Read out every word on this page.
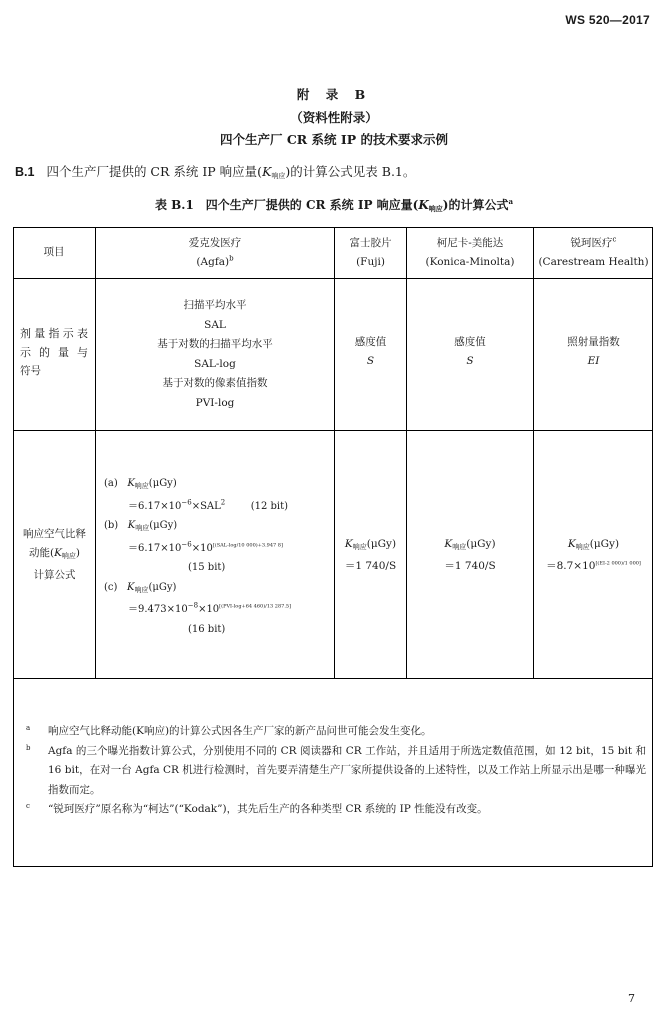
WS 520—2017
附 录 B
（资料性附录）
四个生产厂 CR 系统 IP 的技术要求示例
B.1 四个生产厂提供的 CR 系统 IP 响应量(K响应)的计算公式见表 B.1。
表 B.1　四个生产厂提供的 CR 系统 IP 响应量(K响应)的计算公式$^a$
项目
爱克发医疗
(Agfa)$^b$
富士胶片
(Fuji)
柯尼卡-美能达
(Konica-Minolta)
锐珂医疗$^c$
(Carestream Health)
剂量指示表
示 的 量 与
符号
扫描平均水平
SAL
基于对数的扫描平均水平
SAL-log
基于对数的像素值指数
PVI-log
感度值
S
感度值
S
照射量指数
EI
响应空气比释
动能(K响应)
计算公式
(a) $K_{响应}(\mu Gy)$
$=6.17\times 10^{-6}\times SAL^2$	(12 bit)
(b) $K_{响应}(\mu Gy)$
$=6.17\times 10^{-6}\times 10[(SAL-\log/10 000)+3.947 8]$
(15 bit)
(c) $K_{响应}(\mu Gy)$
$=9.473\times 10^{-8}\times 10[(PVI-\log+64 460)/13 287.5]$
(16 bit)
K响应(μGy)
＝1 740/S
K响应(μGy)
＝1 740/S
K响应(μGy)
＝8.7×10[(EI-2 000)/1 000]
a 响应空气比释动能(K响应)的计算公式因各生产厂家的新产品问世可能会发生变化。
b Agfa 的三个曝光指数计算公式，分别使用不同的 CR 阅读器和 CR 工作站，并且适用于所选定数值范围，如 12 bit，15 bit 和 16 bit，在对一台 Agfa CR 机进行检测时，首先要弄清楚生产厂家所提供设备的上述特性，以及工作站上所显示出是哪一种曝光指数而定。
c “锐珂医疗”原名称为“柯达”(“Kodak”)，其先后生产的各种类型 CR 系统的 IP 性能没有改变。
7
